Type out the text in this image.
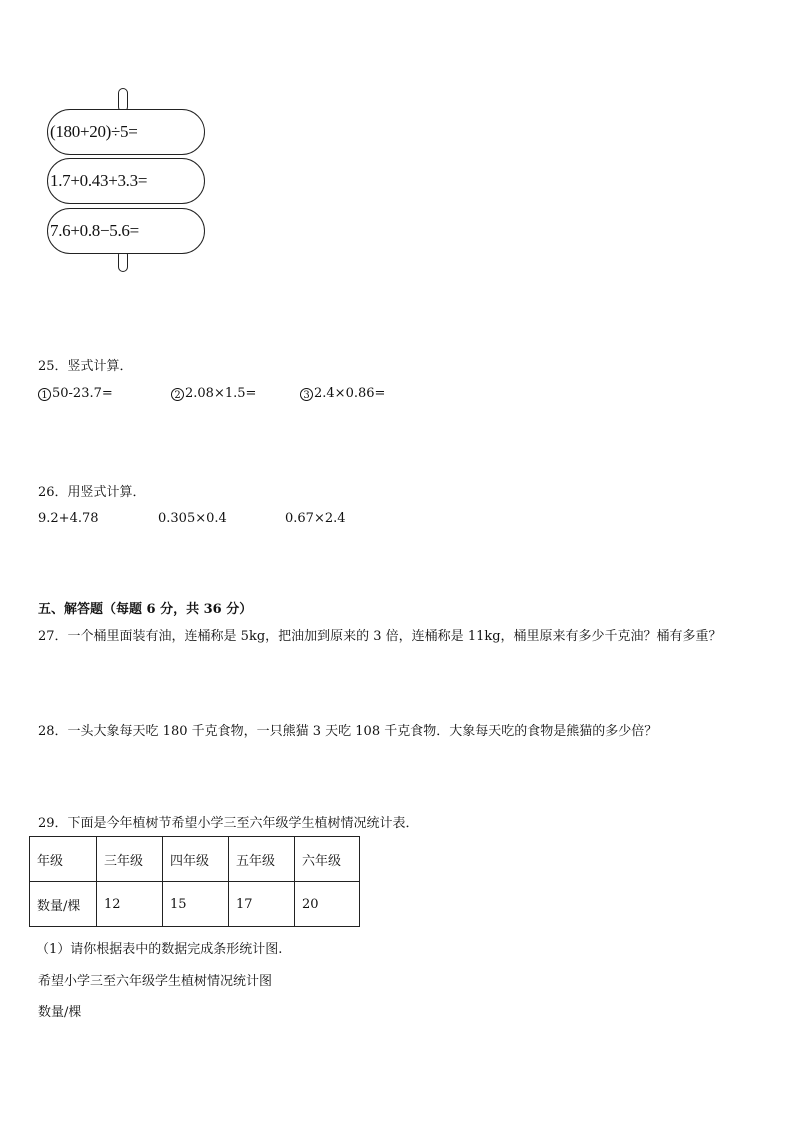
(180+20)÷5=
1.7+0.43+3.3=
7.6+0.8−5.6=
25．竖式计算．
1 50-23.7=	2 2.08×1.5=	3 2.4×0.86=
26．用竖式计算．
9.2+4.78	0.305×0.4	0.67×2.4
五、解答题（每题 6 分，共 36 分）
27．一个桶里面装有油，连桶称是 5kg，把油加到原来的 3 倍，连桶称是 11kg，桶里原来有多少千克油？桶有多重？
28．一头大象每天吃 180 千克食物，一只熊猫 3 天吃 108 千克食物．大象每天吃的食物是熊猫的多少倍？
29．下面是今年植树节希望小学三至六年级学生植树情况统计表．
年级	三年级	四年级	五年级	六年级
数量/棵	12	15	17	20
（1）请你根据表中的数据完成条形统计图.
希望小学三至六年级学生植树情况统计图
数量/棵
